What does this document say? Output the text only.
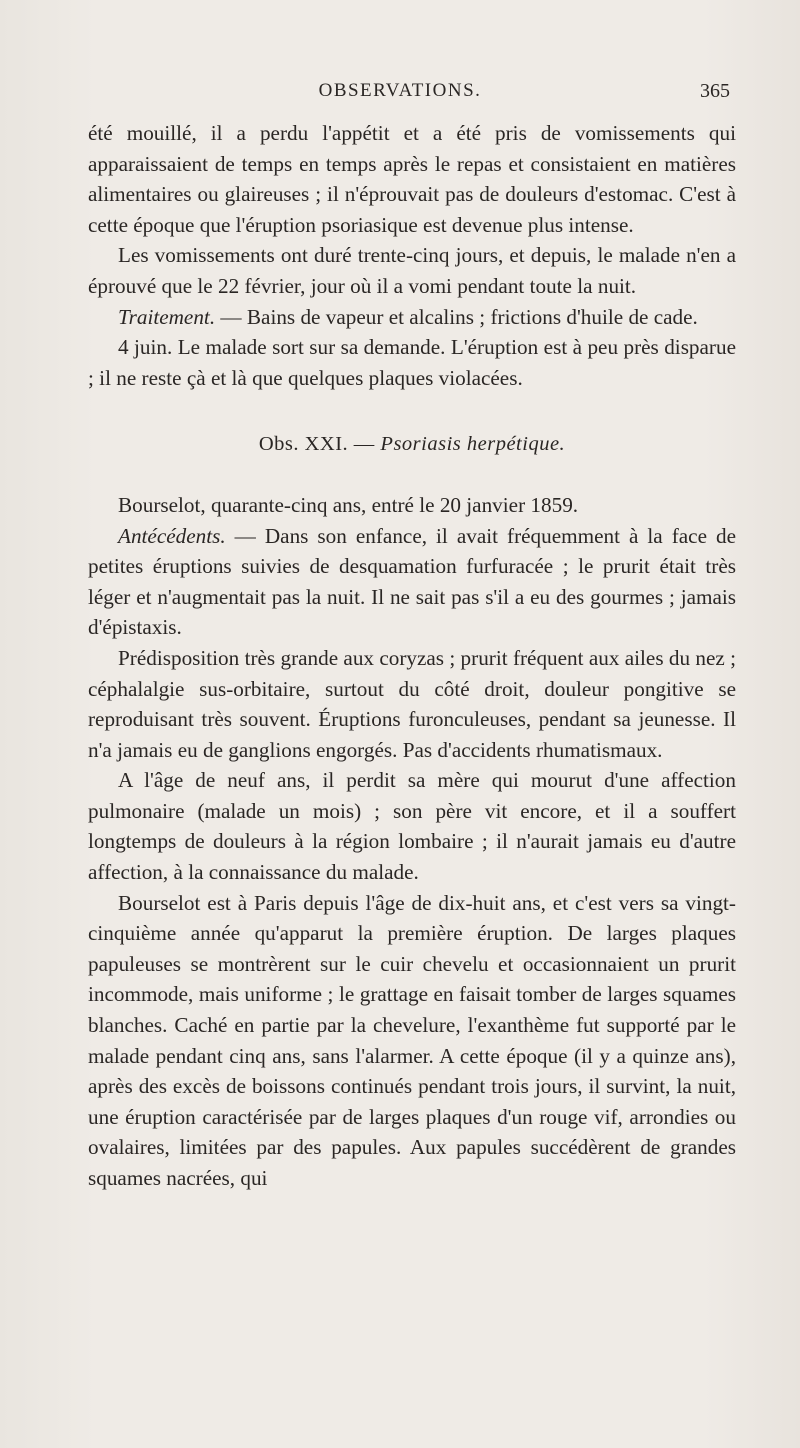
OBSERVATIONS.	365

été mouillé, il a perdu l'appétit et a été pris de vomissements qui apparaissaient de temps en temps après le repas et consistaient en matières alimentaires ou glaireuses ; il n'éprouvait pas de douleurs d'estomac. C'est à cette époque que l'éruption psoriasique est devenue plus intense.

Les vomissements ont duré trente-cinq jours, et depuis, le malade n'en a éprouvé que le 22 février, jour où il a vomi pendant toute la nuit.

Traitement. — Bains de vapeur et alcalins ; frictions d'huile de cade.

4 juin. Le malade sort sur sa demande. L'éruption est à peu près disparue ; il ne reste çà et là que quelques plaques violacées.

Obs. XXI. — Psoriasis herpétique.

Bourselot, quarante-cinq ans, entré le 20 janvier 1859.

Antécédents. — Dans son enfance, il avait fréquemment à la face de petites éruptions suivies de desquamation furfuracée ; le prurit était très léger et n'augmentait pas la nuit. Il ne sait pas s'il a eu des gourmes ; jamais d'épistaxis.

Prédisposition très grande aux coryzas ; prurit fréquent aux ailes du nez ; céphalalgie sus-orbitaire, surtout du côté droit, douleur pongitive se reproduisant très souvent. Éruptions furonculeuses, pendant sa jeunesse. Il n'a jamais eu de ganglions engorgés. Pas d'accidents rhumatismaux.

A l'âge de neuf ans, il perdit sa mère qui mourut d'une affection pulmonaire (malade un mois) ; son père vit encore, et il a souffert longtemps de douleurs à la région lombaire ; il n'aurait jamais eu d'autre affection, à la connaissance du malade.

Bourselot est à Paris depuis l'âge de dix-huit ans, et c'est vers sa vingt-cinquième année qu'apparut la première éruption. De larges plaques papuleuses se montrèrent sur le cuir chevelu et occasionnaient un prurit incommode, mais uniforme ; le grattage en faisait tomber de larges squames blanches. Caché en partie par la chevelure, l'exanthème fut supporté par le malade pendant cinq ans, sans l'alarmer. A cette époque (il y a quinze ans), après des excès de boissons continués pendant trois jours, il survint, la nuit, une éruption caractérisée par de larges plaques d'un rouge vif, arrondies ou ovalaires, limitées par des papules. Aux papules succédèrent de grandes squames nacrées, qui
